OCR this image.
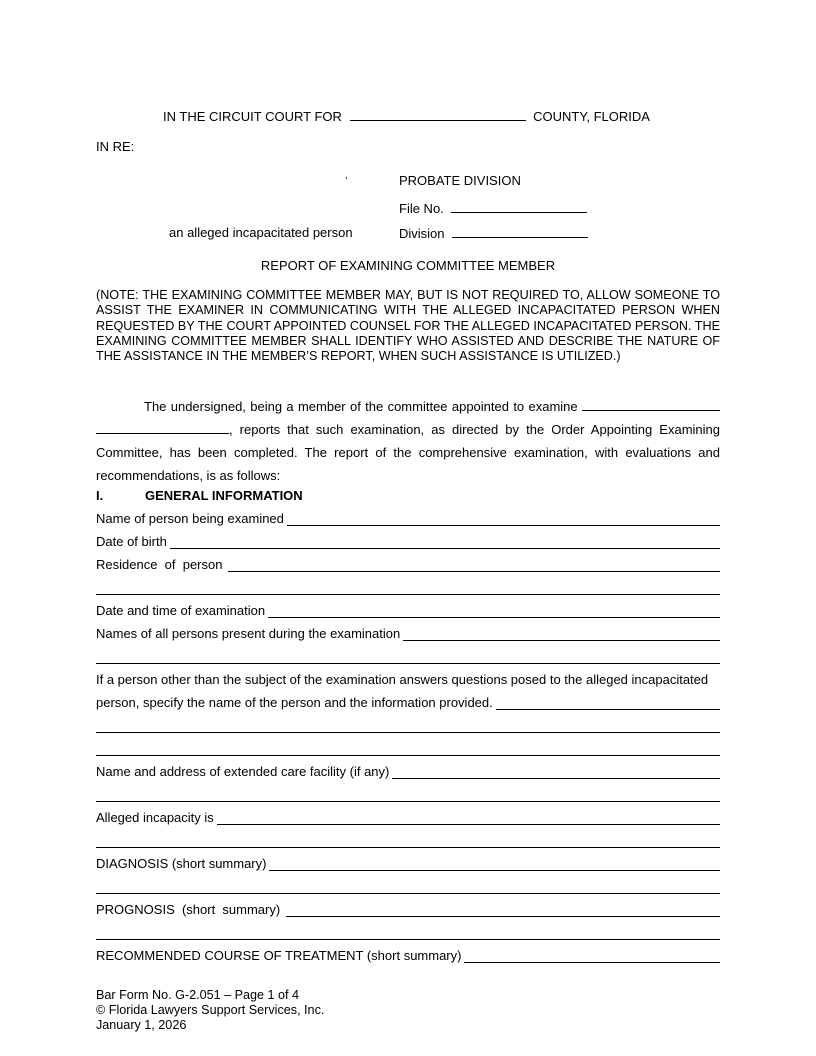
IN THE CIRCUIT COURT FOR	COUNTY, FLORIDA
IN RE:
,	PROBATE DIVISION
File No.
an alleged incapacitated person	Division
REPORT OF EXAMINING COMMITTEE MEMBER
(NOTE: THE EXAMINING COMMITTEE MEMBER MAY, BUT IS NOT REQUIRED TO, ALLOW SOMEONE TO ASSIST THE EXAMINER IN COMMUNICATING WITH THE ALLEGED INCAPACITATED PERSON WHEN REQUESTED BY THE COURT APPOINTED COUNSEL FOR THE ALLEGED INCAPACITATED PERSON. THE EXAMINING COMMITTEE MEMBER SHALL IDENTIFY WHO ASSISTED AND DESCRIBE THE NATURE OF THE ASSISTANCE IN THE MEMBER’S REPORT, WHEN SUCH ASSISTANCE IS UTILIZED.)
The undersigned, being a member of the committee appointed to examine  , reports that such examination, as directed by the Order Appointing Examining Committee, has been completed. The report of the comprehensive examination, with evaluations and recommendations, is as follows:
I.	GENERAL INFORMATION
Name of person being examined
Date of birth
Residence  of  person
Date and time of examination
Names of all persons present during the examination
If a person other than the subject of the examination answers questions posed to the alleged incapacitated
person, specify the name of the person and the information provided.
Name and address of extended care facility (if any)
Alleged incapacity is
DIAGNOSIS (short summary)
PROGNOSIS  (short  summary)
RECOMMENDED COURSE OF TREATMENT (short summary)
Bar Form No. G-2.051 – Page 1 of 4
© Florida Lawyers Support Services, Inc.
January 1, 2026
